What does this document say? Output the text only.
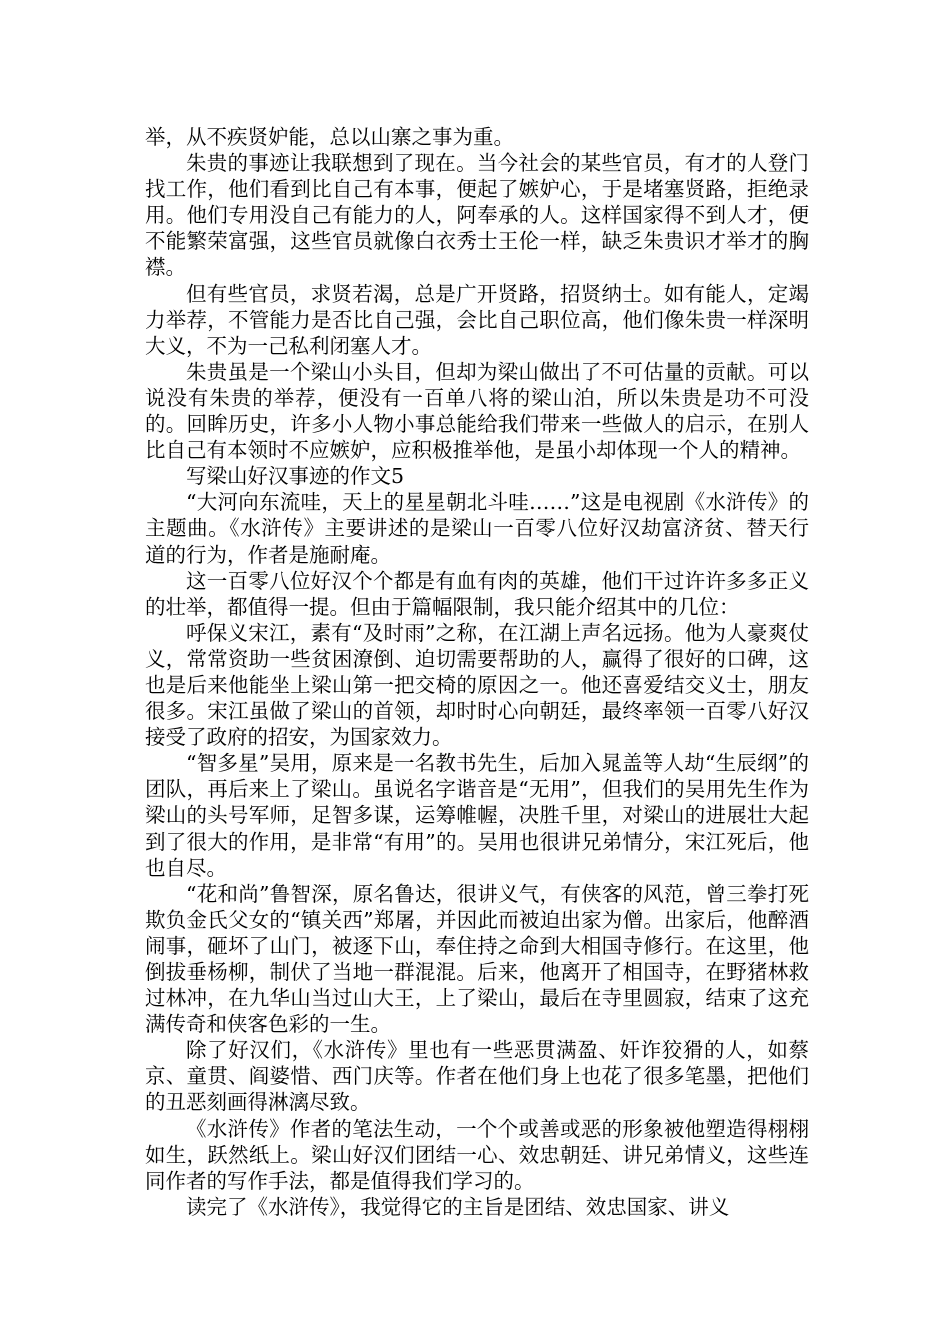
举，从不疾贤妒能，总以山寨之事为重。

朱贵的事迹让我联想到了现在。当今社会的某些官员，有才的人登门找工作，他们看到比自己有本事，便起了嫉妒心，于是堵塞贤路，拒绝录用。他们专用没自己有能力的人，阿奉承的人。这样国家得不到人才，便不能繁荣富强，这些官员就像白衣秀士王伦一样，缺乏朱贵识才举才的胸襟。

但有些官员，求贤若渴，总是广开贤路，招贤纳士。如有能人，定竭力举荐，不管能力是否比自己强，会比自己职位高，他们像朱贵一样深明大义，不为一己私利闭塞人才。

朱贵虽是一个梁山小头目，但却为梁山做出了不可估量的贡献。可以说没有朱贵的举荐，便没有一百单八将的梁山泊，所以朱贵是功不可没的。回眸历史，许多小人物小事总能给我们带来一些做人的启示，在别人比自己有本领时不应嫉妒，应积极推举他，是虽小却体现一个人的精神。

写梁山好汉事迹的作文5

“大河向东流哇，天上的星星朝北斗哇……”这是电视剧《水浒传》的主题曲。《水浒传》主要讲述的是梁山一百零八位好汉劫富济贫、替天行道的行为，作者是施耐庵。

这一百零八位好汉个个都是有血有肉的英雄，他们干过许许多多正义的壮举，都值得一提。但由于篇幅限制，我只能介绍其中的几位：

呼保义宋江，素有“及时雨”之称，在江湖上声名远扬。他为人豪爽仗义，常常资助一些贫困潦倒、迫切需要帮助的人，赢得了很好的口碑，这也是后来他能坐上梁山第一把交椅的原因之一。他还喜爱结交义士，朋友很多。宋江虽做了梁山的首领，却时时心向朝廷，最终率领一百零八好汉接受了政府的招安，为国家效力。

“智多星”吴用，原来是一名教书先生，后加入晁盖等人劫“生辰纲”的团队，再后来上了梁山。虽说名字谐音是“无用”，但我们的吴用先生作为梁山的头号军师，足智多谋，运筹帷幄，决胜千里，对梁山的进展壮大起到了很大的作用，是非常“有用”的。吴用也很讲兄弟情分，宋江死后，他也自尽。

“花和尚”鲁智深，原名鲁达，很讲义气，有侠客的风范，曾三拳打死欺负金氏父女的“镇关西”郑屠，并因此而被迫出家为僧。出家后，他醉酒闹事，砸坏了山门，被逐下山，奉住持之命到大相国寺修行。在这里，他倒拔垂杨柳，制伏了当地一群混混。后来，他离开了相国寺，在野猪林救过林冲，在九华山当过山大王，上了梁山，最后在寺里圆寂，结束了这充满传奇和侠客色彩的一生。

除了好汉们，《水浒传》里也有一些恶贯满盈、奸诈狡猾的人，如蔡京、童贯、阎婆惜、西门庆等。作者在他们身上也花了很多笔墨，把他们的丑恶刻画得淋漓尽致。

《水浒传》作者的笔法生动，一个个或善或恶的形象被他塑造得栩栩如生，跃然纸上。梁山好汉们团结一心、效忠朝廷、讲兄弟情义，这些连同作者的写作手法，都是值得我们学习的。

读完了《水浒传》，我觉得它的主旨是团结、效忠国家、讲义
